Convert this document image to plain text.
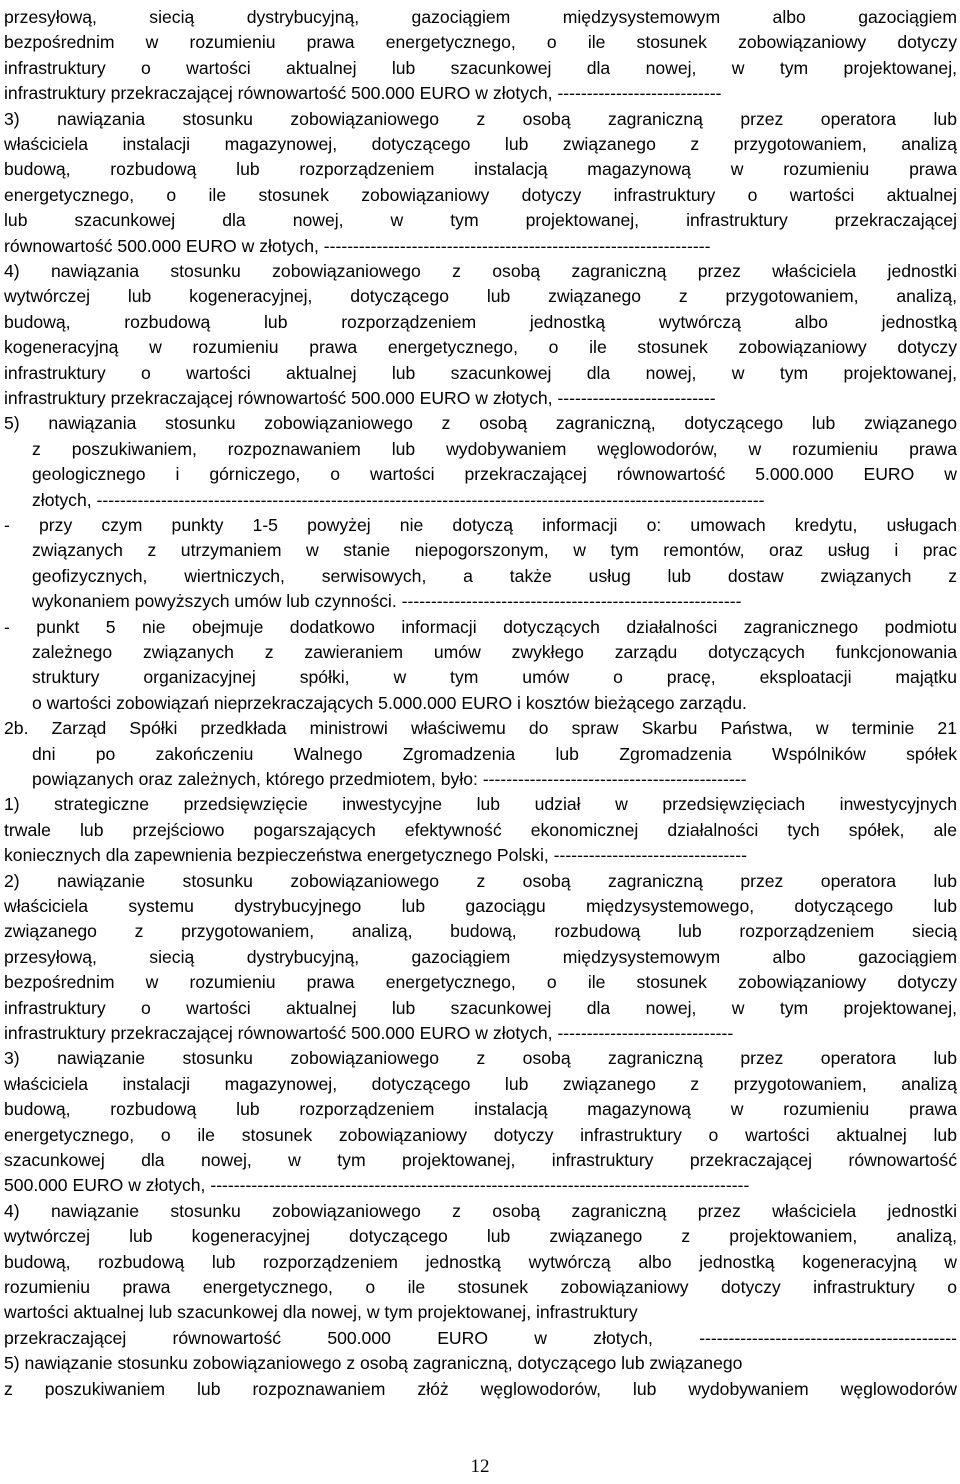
przesyłową, siecią dystrybucyjną, gazociągiem międzysystemowym albo gazociągiem
bezpośrednim w rozumieniu prawa energetycznego, o ile stosunek zobowiązaniowy dotyczy
infrastruktury o wartości aktualnej lub szacunkowej dla nowej, w tym projektowanej,
infrastruktury przekraczającej równowartość 500.000 EURO w złotych, ----------------------------
3) nawiązania stosunku zobowiązaniowego z osobą zagraniczną przez operatora lub
właściciela instalacji magazynowej, dotyczącego lub związanego z przygotowaniem, analizą
budową, rozbudową lub rozporządzeniem instalacją magazynową w rozumieniu prawa
energetycznego, o ile stosunek zobowiązaniowy dotyczy infrastruktury o wartości aktualnej
lub szacunkowej dla nowej, w tym projektowanej, infrastruktury przekraczającej
równowartość 500.000 EURO w złotych, ------------------------------------------------------------------
4) nawiązania stosunku zobowiązaniowego z osobą zagraniczną przez właściciela jednostki
wytwórczej lub kogeneracyjnej, dotyczącego lub związanego z przygotowaniem, analizą,
budową, rozbudową lub rozporządzeniem jednostką wytwórczą albo jednostką
kogeneracyjną w rozumieniu prawa energetycznego, o ile stosunek zobowiązaniowy dotyczy
infrastruktury o wartości aktualnej lub szacunkowej dla nowej, w tym projektowanej,
infrastruktury przekraczającej równowartość 500.000 EURO w złotych, ---------------------------
5) nawiązania stosunku zobowiązaniowego z osobą zagraniczną, dotyczącego lub związanego
z poszukiwaniem, rozpoznawaniem lub wydobywaniem węglowodorów, w rozumieniu prawa
geologicznego i górniczego, o wartości przekraczającej równowartość 5.000.000 EURO w
złotych, ------------------------------------------------------------------------------------------------------------------
- przy czym punkty 1-5 powyżej nie dotyczą informacji o: umowach kredytu, usługach
związanych z utrzymaniem w stanie niepogorszonym, w tym remontów, oraz usług i prac
geofizycznych, wiertniczych, serwisowych, a także usług lub dostaw związanych z
wykonaniem powyższych umów lub czynności. ----------------------------------------------------------
- punkt 5 nie obejmuje dodatkowo informacji dotyczących działalności zagranicznego podmiotu
zależnego związanych z zawieraniem umów zwykłego zarządu dotyczących funkcjonowania
struktury organizacyjnej spółki, w tym umów o pracę, eksploatacji majątku
o wartości zobowiązań nieprzekraczających 5.000.000 EURO i kosztów bieżącego zarządu.
2b. Zarząd Spółki przedkłada ministrowi właściwemu do spraw Skarbu Państwa, w terminie 21
dni po zakończeniu Walnego Zgromadzenia lub Zgromadzenia Wspólników spółek
powiązanych oraz zależnych, którego przedmiotem, było: ---------------------------------------------
1) strategiczne przedsięwzięcie inwestycyjne lub udział w przedsięwzięciach inwestycyjnych
trwale lub przejściowo pogarszających efektywność ekonomicznej działalności tych spółek, ale
koniecznych dla zapewnienia bezpieczeństwa energetycznego Polski, ---------------------------------
2) nawiązanie stosunku zobowiązaniowego z osobą zagraniczną przez operatora lub
właściciela systemu dystrybucyjnego lub gazociągu międzysystemowego, dotyczącego lub
związanego z przygotowaniem, analizą, budową, rozbudową lub rozporządzeniem siecią
przesyłową, siecią dystrybucyjną, gazociągiem międzysystemowym albo gazociągiem
bezpośrednim w rozumieniu prawa energetycznego, o ile stosunek zobowiązaniowy dotyczy
infrastruktury o wartości aktualnej lub szacunkowej dla nowej, w tym projektowanej,
infrastruktury przekraczającej równowartość 500.000 EURO w złotych, ------------------------------
3) nawiązanie stosunku zobowiązaniowego z osobą zagraniczną przez operatora lub
właściciela instalacji magazynowej, dotyczącego lub związanego z przygotowaniem, analizą
budową, rozbudową lub rozporządzeniem instalacją magazynową w rozumieniu prawa
energetycznego, o ile stosunek zobowiązaniowy dotyczy infrastruktury o wartości aktualnej lub
szacunkowej dla nowej, w tym projektowanej, infrastruktury przekraczającej równowartość
500.000 EURO w złotych, --------------------------------------------------------------------------------------------
4) nawiązanie stosunku zobowiązaniowego z osobą zagraniczną przez właściciela jednostki
wytwórczej lub kogeneracyjnej dotyczącego lub związanego z projektowaniem, analizą,
budową, rozbudową lub rozporządzeniem jednostką wytwórczą albo jednostką kogeneracyjną w
rozumieniu prawa energetycznego, o ile stosunek zobowiązaniowy dotyczy infrastruktury o
wartości aktualnej lub szacunkowej dla nowej, w tym projektowanej, infrastruktury
przekraczającej równowartość 500.000 EURO w złotych, --------------------------------------------
5) nawiązanie stosunku zobowiązaniowego z osobą zagraniczną, dotyczącego lub związanego
z poszukiwaniem lub rozpoznawaniem złóż węglowodorów, lub wydobywaniem węglowodorów
12
